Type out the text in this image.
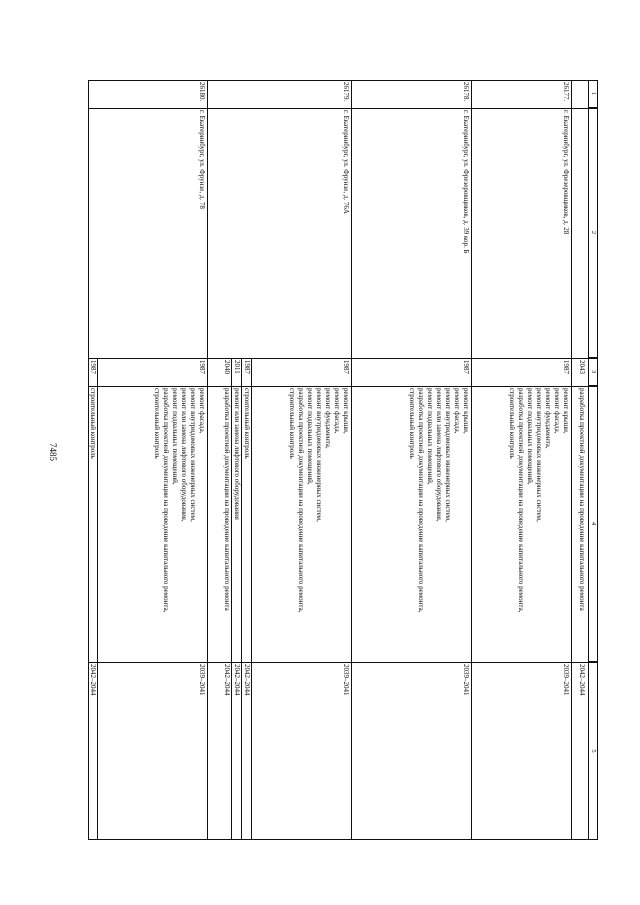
7485
1
2
3
4
5
2043
разработка проектной документации на проведение капитального ремонта
2042–2044
26177.
г. Екатеринбург, ул. Фрезеровщиков, д. 28
1987
ремонт крыши,
ремонт фасада,
ремонт фундамента,
ремонт внутридомовых инженерных систем,
ремонт подвальных помещений,
разработка проектной документации на проведение капитального ремонта,
строительный контроль
2039–2041
26178.
г. Екатеринбург, ул. Фрезеровщиков, д. 39 кор. Б
1987
ремонт крыши,
ремонт фасада,
ремонт внутридомовых инженерных систем,
ремонт или замена лифтового оборудования,
ремонт подвальных помещений,
разработка проектной документации на проведение капитального ремонта,
строительный контроль
2039–2041
26179.
г. Екатеринбург, ул. Фрунзе, д. 76А
1987
ремонт крыши,
ремонт фасада,
ремонт фундамента,
ремонт внутридомовых инженерных систем,
ремонт подвальных помещений,
разработка проектной документации на проведение капитального ремонта,
строительный контроль
2039–2041
1987
строительный контроль
2042–2044
2011
ремонт или замена лифтового оборудования
2042–2044
2040
разработка проектной документации на проведение капитального ремонта
2042–2044
26180.
г. Екатеринбург, ул. Фрунзе, д. 78
1987
ремонт фасада,
ремонт внутридомовых инженерных систем,
ремонт или замена лифтового оборудования,
ремонт подвальных помещений,
разработка проектной документации на проведение капитального ремонта,
строительный контроль
2039–2041
1987
строительный контроль
2042–2044
